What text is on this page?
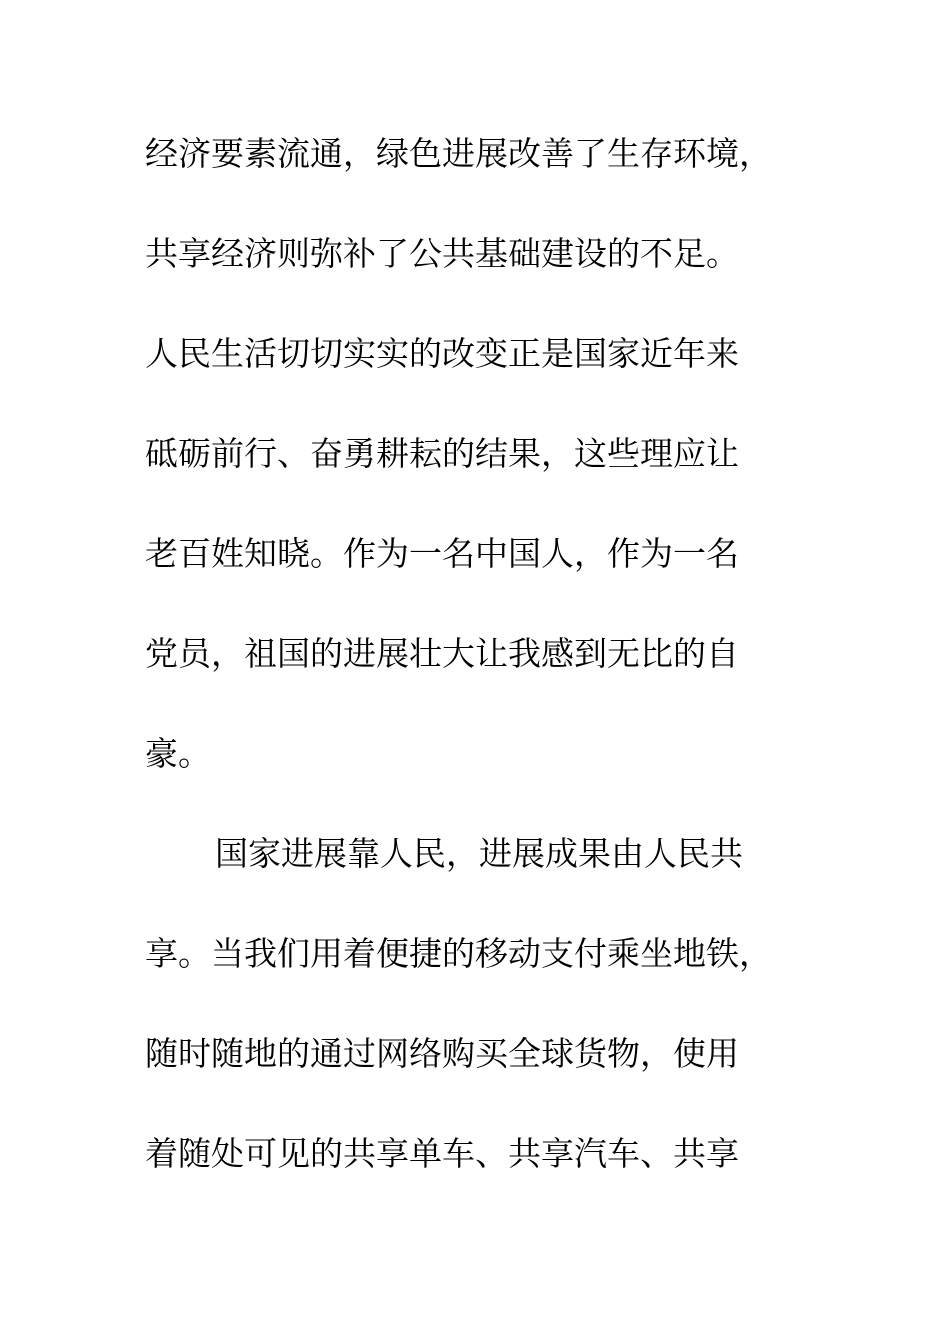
经济要素流通，绿色进展改善了生存环境，
共享经济则弥补了公共基础建设的不足。
人民生活切切实实的改变正是国家近年来
砥砺前行、奋勇耕耘的结果，这些理应让
老百姓知晓。作为一名中国人，作为一名
党员，祖国的进展壮大让我感到无比的自
豪。
国家进展靠人民，进展成果由人民共
享。当我们用着便捷的移动支付乘坐地铁，
随时随地的通过网络购买全球货物，使用
着随处可见的共享单车、共享汽车、共享
